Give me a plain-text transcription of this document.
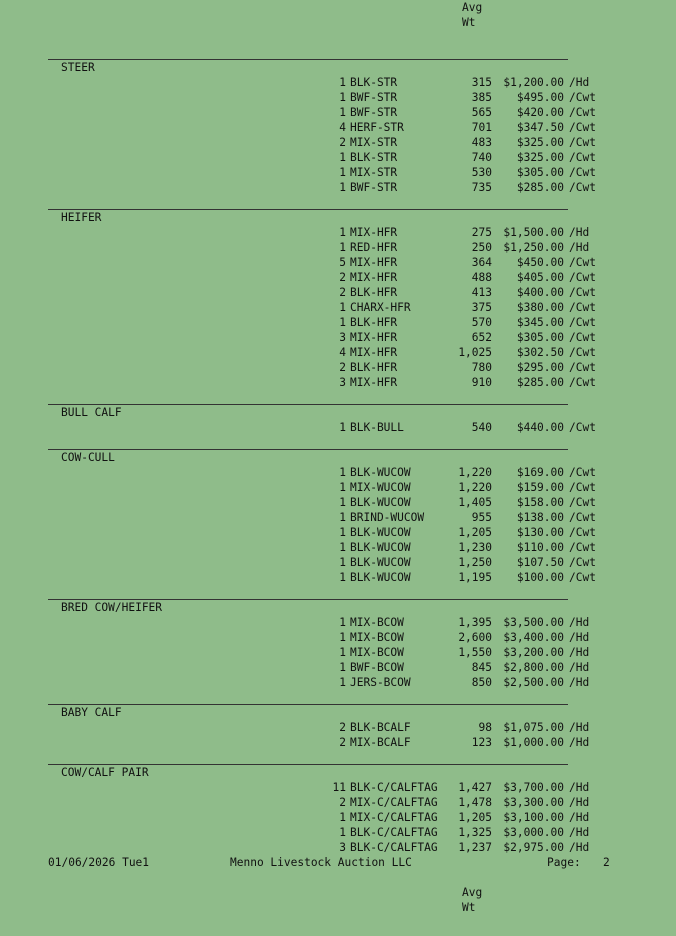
Avg
Wt
STEER
1 BLK-STR	315	$1,200.00 /Hd
1 BWF-STR	385	$495.00 /Cwt
1 BWF-STR	565	$420.00 /Cwt
4 HERF-STR	701	$347.50 /Cwt
2 MIX-STR	483	$325.00 /Cwt
1 BLK-STR	740	$325.00 /Cwt
1 MIX-STR	530	$305.00 /Cwt
1 BWF-STR	735	$285.00 /Cwt
HEIFER
1 MIX-HFR	275	$1,500.00 /Hd
1 RED-HFR	250	$1,250.00 /Hd
5 MIX-HFR	364	$450.00 /Cwt
2 MIX-HFR	488	$405.00 /Cwt
2 BLK-HFR	413	$400.00 /Cwt
1 CHARX-HFR	375	$380.00 /Cwt
1 BLK-HFR	570	$345.00 /Cwt
3 MIX-HFR	652	$305.00 /Cwt
4 MIX-HFR	1,025	$302.50 /Cwt
2 BLK-HFR	780	$295.00 /Cwt
3 MIX-HFR	910	$285.00 /Cwt
BULL CALF
1 BLK-BULL	540	$440.00 /Cwt
COW-CULL
1 BLK-WUCOW	1,220	$169.00 /Cwt
1 MIX-WUCOW	1,220	$159.00 /Cwt
1 BLK-WUCOW	1,405	$158.00 /Cwt
1 BRIND-WUCOW	955	$138.00 /Cwt
1 BLK-WUCOW	1,205	$130.00 /Cwt
1 BLK-WUCOW	1,230	$110.00 /Cwt
1 BLK-WUCOW	1,250	$107.50 /Cwt
1 BLK-WUCOW	1,195	$100.00 /Cwt
BRED COW/HEIFER
1 MIX-BCOW	1,395	$3,500.00 /Hd
1 MIX-BCOW	2,600	$3,400.00 /Hd
1 MIX-BCOW	1,550	$3,200.00 /Hd
1 BWF-BCOW	845	$2,800.00 /Hd
1 JERS-BCOW	850	$2,500.00 /Hd
BABY CALF
2 BLK-BCALF	98	$1,075.00 /Hd
2 MIX-BCALF	123	$1,000.00 /Hd
COW/CALF PAIR
11 BLK-C/CALFTAG	1,427	$3,700.00 /Hd
2 MIX-C/CALFTAG	1,478	$3,300.00 /Hd
1 MIX-C/CALFTAG	1,205	$3,100.00 /Hd
1 BLK-C/CALFTAG	1,325	$3,000.00 /Hd
3 BLK-C/CALFTAG	1,237	$2,975.00 /Hd
01/06/2026 Tue1	Menno Livestock Auction LLC	Page: 2
Avg
Wt
